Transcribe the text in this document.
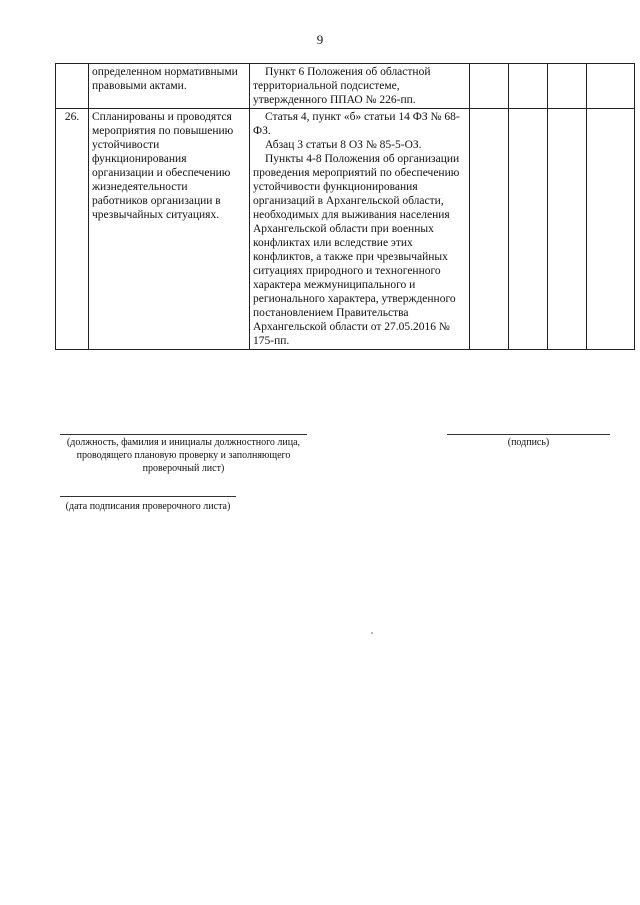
9
	определенном нормативными правовыми актами.	Пункт 6 Положения об областной территориальной подсистеме, утвержденного ППАО № 226-пп.				

26.	Спланированы и проводятся мероприятия по повышению устойчивости функционирования организации и обеспечению жизнедеятельности работников организации в чрезвычайных ситуациях.	Статья 4, пункт «б» статьи 14 ФЗ № 68-ФЗ.

Абзац 3 статьи 8 ОЗ № 85-5-ОЗ.

Пункты 4-8 Положения об организации проведения мероприятий по обеспечению устойчивости функционирования организаций в Архангельской области, необходимых для выживания населения Архангельской области при военных конфликтах или вследствие этих конфликтов, а также при чрезвычайных ситуациях природного и техногенного характера межмуниципального и регионального характера, утвержденного постановлением Правительства Архангельской области от 27.05.2016 № 175-пп.				

(должность, фамилия и инициалы должностного лица, проводящего плановую проверку и заполняющего проверочный лист)
(подпись)
(дата подписания проверочного листа)
